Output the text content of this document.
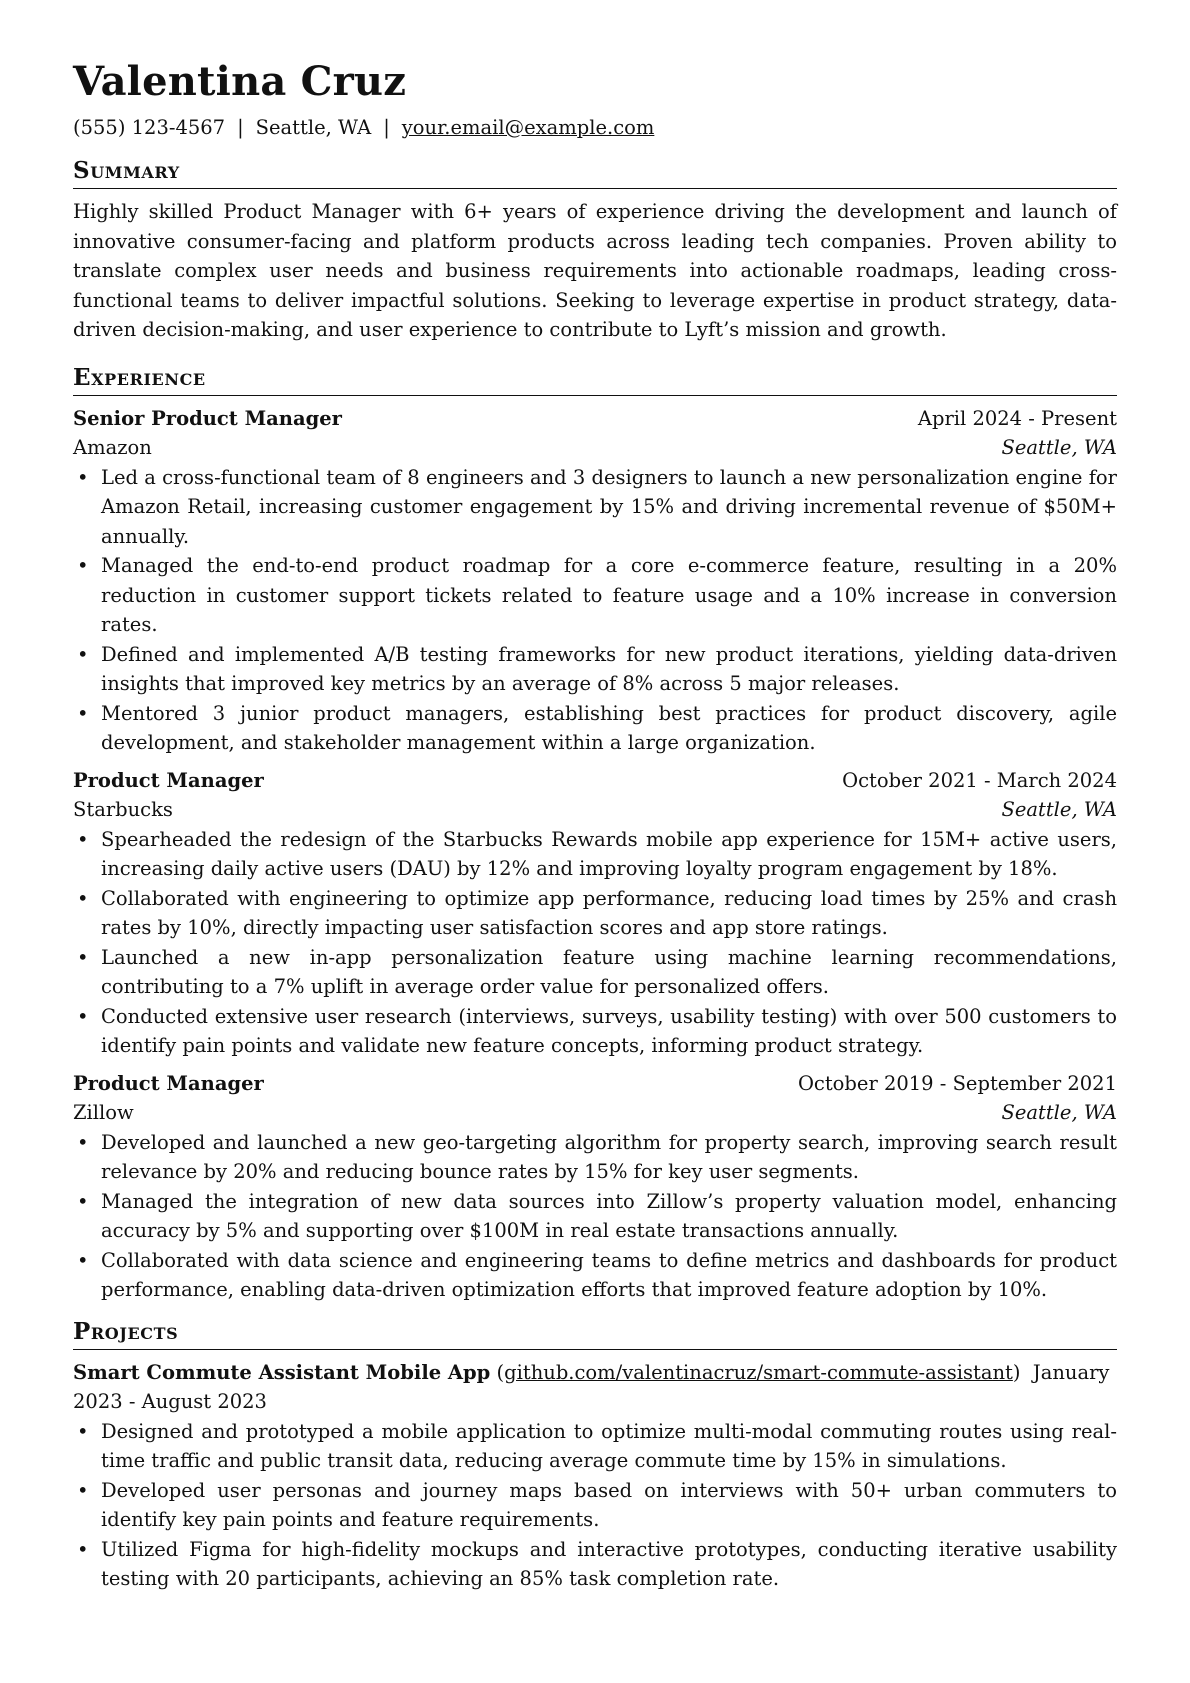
Valentina Cruz
(555) 123-4567 | Seattle, WA | your.email@example.com
Summary

Highly skilled Product Manager with 6+ years of experience driving the development and launch of innovative consumer-facing and platform products across leading tech companies. Proven ability to translate complex user needs and business requirements into actionable roadmaps, leading cross-functional teams to deliver impactful solutions. Seeking to leverage expertise in product strategy, data-driven decision-making, and user experience to contribute to Lyft’s mission and growth.

Experience
Senior Product Manager	April 2024 - Present
Amazon	Seattle, WA
• Led a cross-functional team of 8 engineers and 3 designers to launch a new personalization engine for Amazon Retail, increasing customer engagement by 15% and driving incremental revenue of $50M+ annually.
• Managed the end-to-end product roadmap for a core e-commerce feature, resulting in a 20% reduction in customer support tickets related to feature usage and a 10% increase in conversion rates.
• Defined and implemented A/B testing frameworks for new product iterations, yielding data-driven insights that improved key metrics by an average of 8% across 5 major releases.
• Mentored 3 junior product managers, establishing best practices for product discovery, agile development, and stakeholder management within a large organization.
Product Manager	October 2021 - March 2024
Starbucks	Seattle, WA
• Spearheaded the redesign of the Starbucks Rewards mobile app experience for 15M+ active users, increasing daily active users (DAU) by 12% and improving loyalty program engagement by 18%.
• Collaborated with engineering to optimize app performance, reducing load times by 25% and crash rates by 10%, directly impacting user satisfaction scores and app store ratings.
• Launched a new in-app personalization feature using machine learning recommendations, contributing to a 7% uplift in average order value for personalized offers.
• Conducted extensive user research (interviews, surveys, usability testing) with over 500 customers to identify pain points and validate new feature concepts, informing product strategy.
Product Manager	October 2019 - September 2021
Zillow	Seattle, WA
• Developed and launched a new geo-targeting algorithm for property search, improving search result relevance by 20% and reducing bounce rates by 15% for key user segments.
• Managed the integration of new data sources into Zillow’s property valuation model, enhancing accuracy by 5% and supporting over $100M in real estate transactions annually.
• Collaborated with data science and engineering teams to define metrics and dashboards for product performance, enabling data-driven optimization efforts that improved feature adoption by 10%.
Projects
Smart Commute Assistant Mobile App (github.com/valentinacruz/smart-commute-assistant)  January 2023 - August 2023
• Designed and prototyped a mobile application to optimize multi-modal commuting routes using real-time traffic and public transit data, reducing average commute time by 15% in simulations.
• Developed user personas and journey maps based on interviews with 50+ urban commuters to identify key pain points and feature requirements.
• Utilized Figma for high-fidelity mockups and interactive prototypes, conducting iterative usability testing with 20 participants, achieving an 85% task completion rate.
